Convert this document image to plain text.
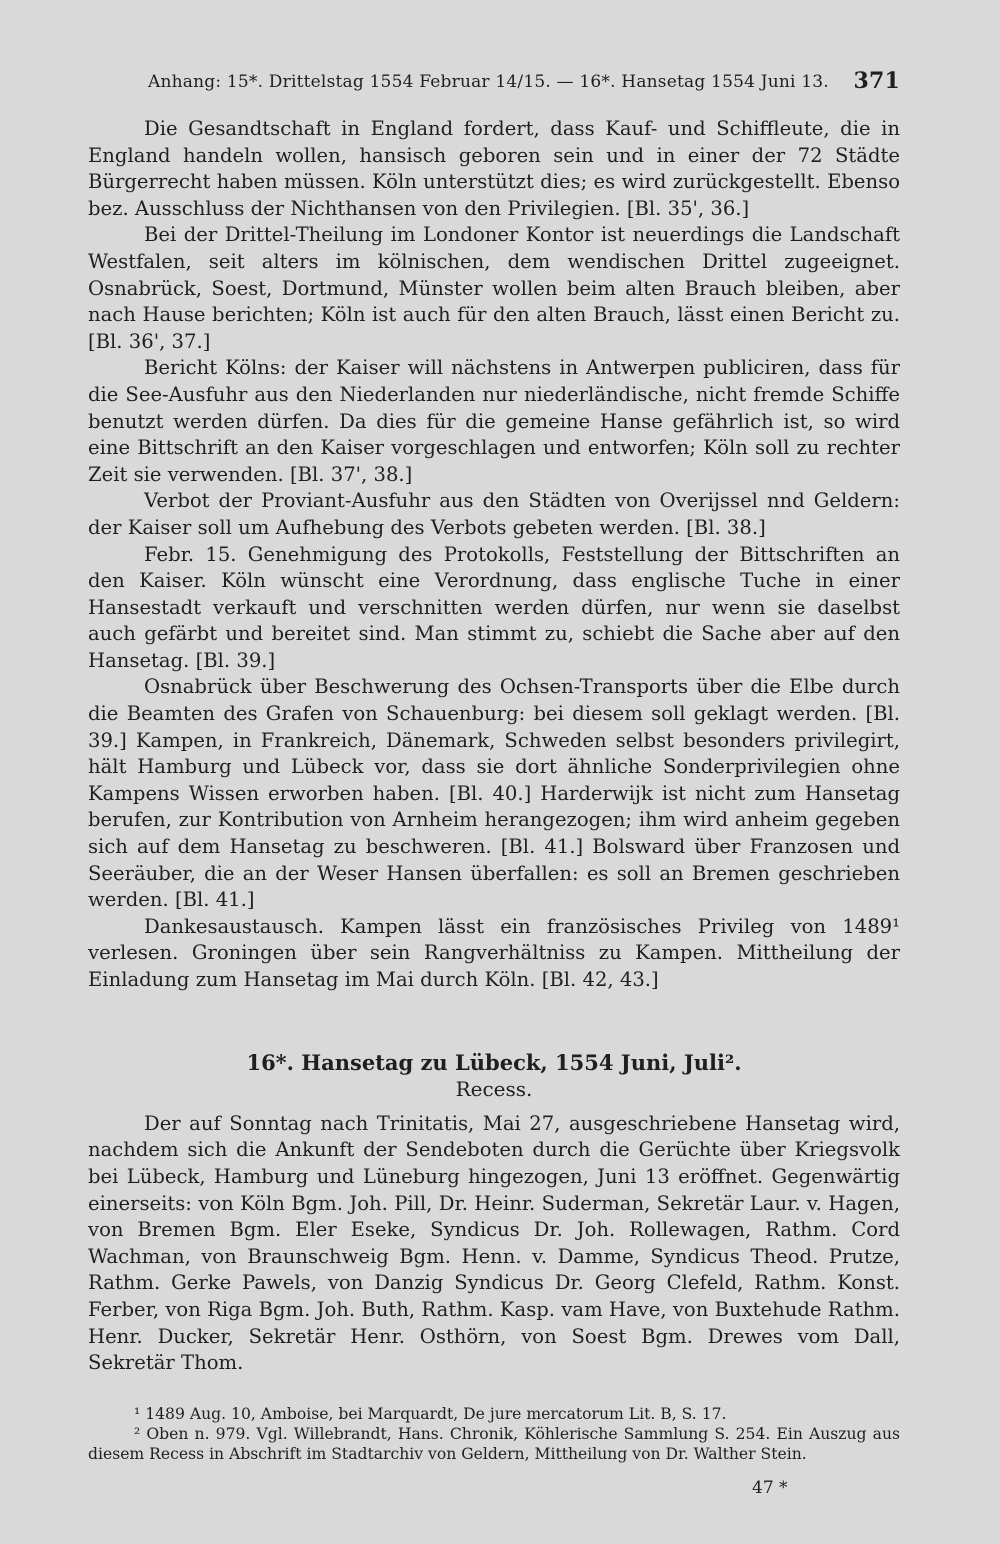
Anhang: 15*. Drittelstag 1554 Februar 14/15. — 16*. Hansetag 1554 Juni 13. 371

Die Gesandtschaft in England fordert, dass Kauf- und Schiffleute, die in England handeln wollen, hansisch geboren sein und in einer der 72 Städte Bürgerrecht haben müssen. Köln unterstützt dies; es wird zurückgestellt. Ebenso bez. Ausschluss der Nichthansen von den Privilegien. [Bl. 35', 36.]

Bei der Drittel-Theilung im Londoner Kontor ist neuerdings die Landschaft Westfalen, seit alters im kölnischen, dem wendischen Drittel zugeeignet. Osnabrück, Soest, Dortmund, Münster wollen beim alten Brauch bleiben, aber nach Hause berichten; Köln ist auch für den alten Brauch, lässt einen Bericht zu. [Bl. 36', 37.]

Bericht Kölns: der Kaiser will nächstens in Antwerpen publiciren, dass für die See-Ausfuhr aus den Niederlanden nur niederländische, nicht fremde Schiffe benutzt werden dürfen. Da dies für die gemeine Hanse gefährlich ist, so wird eine Bittschrift an den Kaiser vorgeschlagen und entworfen; Köln soll zu rechter Zeit sie verwenden. [Bl. 37', 38.]

Verbot der Proviant-Ausfuhr aus den Städten von Overijssel nnd Geldern: der Kaiser soll um Aufhebung des Verbots gebeten werden. [Bl. 38.]

Febr. 15. Genehmigung des Protokolls, Feststellung der Bittschriften an den Kaiser. Köln wünscht eine Verordnung, dass englische Tuche in einer Hansestadt verkauft und verschnitten werden dürfen, nur wenn sie daselbst auch gefärbt und bereitet sind. Man stimmt zu, schiebt die Sache aber auf den Hansetag. [Bl. 39.]

Osnabrück über Beschwerung des Ochsen-Transports über die Elbe durch die Beamten des Grafen von Schauenburg: bei diesem soll geklagt werden. [Bl. 39.] Kampen, in Frankreich, Dänemark, Schweden selbst besonders privilegirt, hält Hamburg und Lübeck vor, dass sie dort ähnliche Sonderprivilegien ohne Kampens Wissen erworben haben. [Bl. 40.] Harderwijk ist nicht zum Hansetag berufen, zur Kontribution von Arnheim herangezogen; ihm wird anheim gegeben sich auf dem Hansetag zu beschweren. [Bl. 41.] Bolsward über Franzosen und Seeräuber, die an der Weser Hansen überfallen: es soll an Bremen geschrieben werden. [Bl. 41.]

Dankesaustausch. Kampen lässt ein französisches Privileg von 1489¹ verlesen. Groningen über sein Rangverhältniss zu Kampen. Mittheilung der Einladung zum Hansetag im Mai durch Köln. [Bl. 42, 43.]

16*. Hansetag zu Lübeck, 1554 Juni, Juli².

Recess.

Der auf Sonntag nach Trinitatis, Mai 27, ausgeschriebene Hansetag wird, nachdem sich die Ankunft der Sendeboten durch die Gerüchte über Kriegsvolk bei Lübeck, Hamburg und Lüneburg hingezogen, Juni 13 eröffnet. Gegenwärtig einerseits: von Köln Bgm. Joh. Pill, Dr. Heinr. Suderman, Sekretär Laur. v. Hagen, von Bremen Bgm. Eler Eseke, Syndicus Dr. Joh. Rollewagen, Rathm. Cord Wachman, von Braunschweig Bgm. Henn. v. Damme, Syndicus Theod. Prutze, Rathm. Gerke Pawels, von Danzig Syndicus Dr. Georg Clefeld, Rathm. Konst. Ferber, von Riga Bgm. Joh. Buth, Rathm. Kasp. vam Have, von Buxtehude Rathm. Henr. Ducker, Sekretär Henr. Osthörn, von Soest Bgm. Drewes vom Dall, Sekretär Thom.

¹ 1489 Aug. 10, Amboise, bei Marquardt, De jure mercatorum Lit. B, S. 17.

² Oben n. 979. Vgl. Willebrandt, Hans. Chronik, Köhlerische Sammlung S. 254. Ein Auszug aus diesem Recess in Abschrift im Stadtarchiv von Geldern, Mittheilung von Dr. Walther Stein.

47 *
